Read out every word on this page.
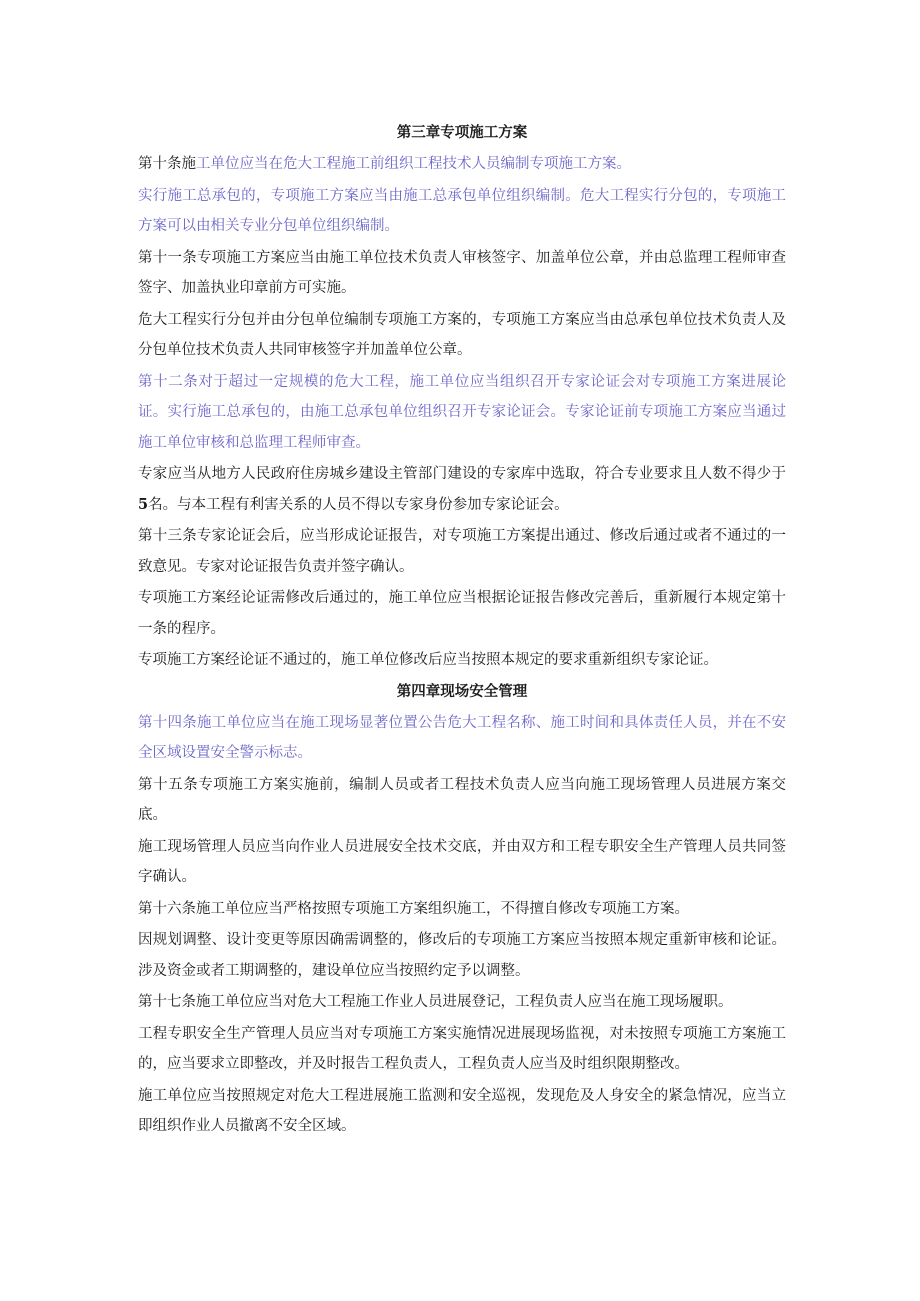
第三章专项施工方案

第十条施工单位应当在危大工程施工前组织工程技术人员编制专项施工方案。

实行施工总承包的，专项施工方案应当由施工总承包单位组织编制。危大工程实行分包的，专项施工方案可以由相关专业分包单位组织编制。

第十一条专项施工方案应当由施工单位技术负责人审核签字、加盖单位公章，并由总监理工程师审查签字、加盖执业印章前方可实施。

危大工程实行分包并由分包单位编制专项施工方案的，专项施工方案应当由总承包单位技术负责人及分包单位技术负责人共同审核签字并加盖单位公章。

第十二条对于超过一定规模的危大工程，施工单位应当组织召开专家论证会对专项施工方案进展论证。实行施工总承包的，由施工总承包单位组织召开专家论证会。专家论证前专项施工方案应当通过施工单位审核和总监理工程师审查。

专家应当从地方人民政府住房城乡建设主管部门建设的专家库中选取，符合专业要求且人数不得少于5名。与本工程有利害关系的人员不得以专家身份参加专家论证会。

第十三条专家论证会后，应当形成论证报告，对专项施工方案提出通过、修改后通过或者不通过的一致意见。专家对论证报告负责并签字确认。

专项施工方案经论证需修改后通过的，施工单位应当根据论证报告修改完善后，重新履行本规定第十一条的程序。

专项施工方案经论证不通过的，施工单位修改后应当按照本规定的要求重新组织专家论证。

第四章现场安全管理

第十四条施工单位应当在施工现场显著位置公告危大工程名称、施工时间和具体责任人员，并在不安全区域设置安全警示标志。

第十五条专项施工方案实施前，编制人员或者工程技术负责人应当向施工现场管理人员进展方案交底。

施工现场管理人员应当向作业人员进展安全技术交底，并由双方和工程专职安全生产管理人员共同签字确认。

第十六条施工单位应当严格按照专项施工方案组织施工，不得擅自修改专项施工方案。

因规划调整、设计变更等原因确需调整的，修改后的专项施工方案应当按照本规定重新审核和论证。涉及资金或者工期调整的，建设单位应当按照约定予以调整。

第十七条施工单位应当对危大工程施工作业人员进展登记，工程负责人应当在施工现场履职。

工程专职安全生产管理人员应当对专项施工方案实施情况进展现场监视，对未按照专项施工方案施工的，应当要求立即整改，并及时报告工程负责人，工程负责人应当及时组织限期整改。

施工单位应当按照规定对危大工程进展施工监测和安全巡视，发现危及人身安全的紧急情况，应当立即组织作业人员撤离不安全区域。
